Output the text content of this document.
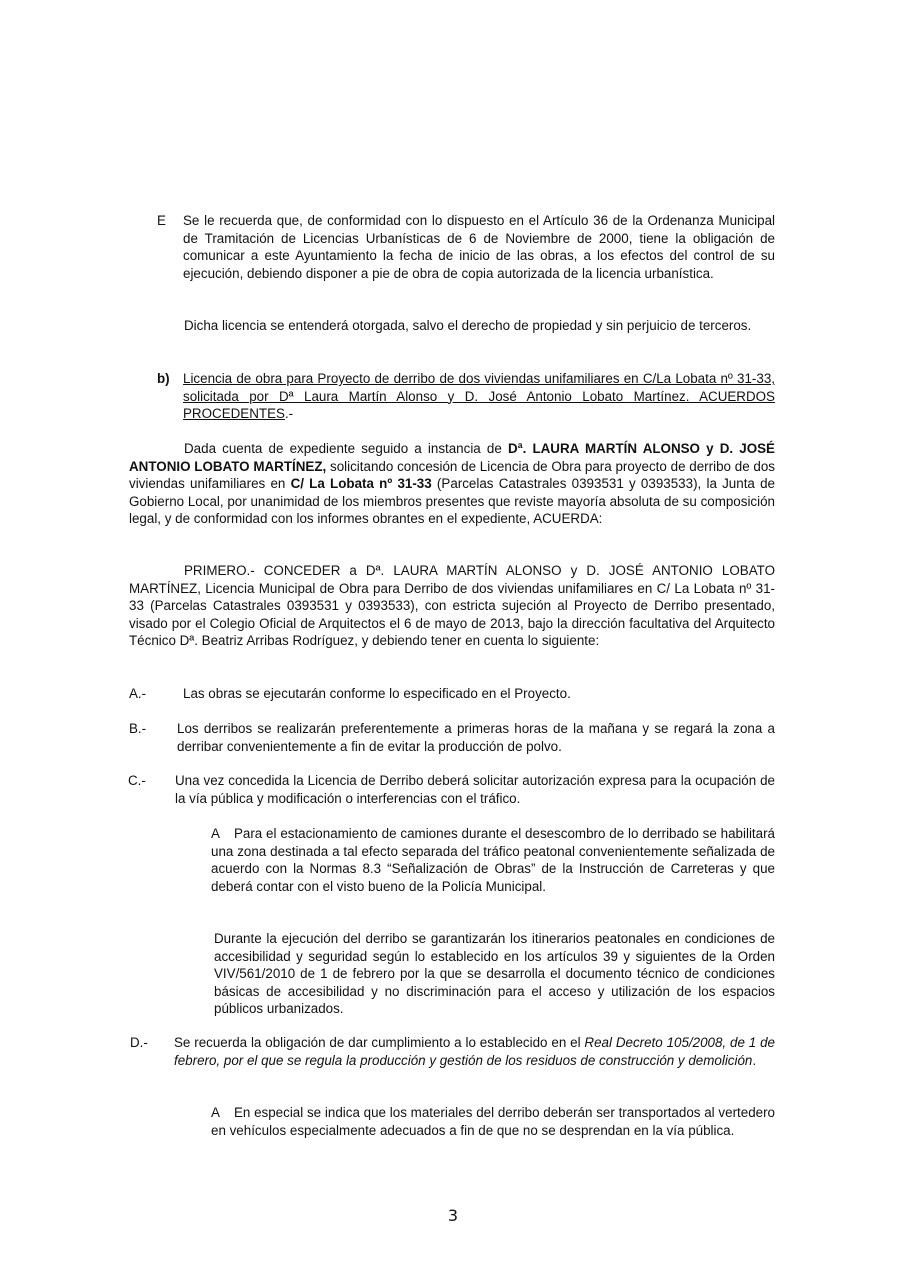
E Se le recuerda que, de conformidad con lo dispuesto en el Artículo 36 de la Ordenanza Municipal de Tramitación de Licencias Urbanísticas de 6 de Noviembre de 2000, tiene la obligación de comunicar a este Ayuntamiento la fecha de inicio de las obras, a los efectos del control de su ejecución, debiendo disponer a pie de obra de copia autorizada de la licencia urbanística.
Dicha licencia se entenderá otorgada, salvo el derecho de propiedad y sin perjuicio de terceros.
b) Licencia de obra para Proyecto de derribo de dos viviendas unifamiliares en C/La Lobata nº 31-33, solicitada por Dª Laura Martín Alonso y D. José Antonio Lobato Martínez. ACUERDOS PROCEDENTES.-
Dada cuenta de expediente seguido a instancia de Dª. LAURA MARTÍN ALONSO y D. JOSÉ ANTONIO LOBATO MARTÍNEZ, solicitando concesión de Licencia de Obra para proyecto de derribo de dos viviendas unifamiliares en C/ La Lobata nº 31-33 (Parcelas Catastrales 0393531 y 0393533), la Junta de Gobierno Local, por unanimidad de los miembros presentes que reviste mayoría absoluta de su composición legal, y de conformidad con los informes obrantes en el expediente, ACUERDA:
PRIMERO.- CONCEDER a Dª. LAURA MARTÍN ALONSO y D. JOSÉ ANTONIO LOBATO MARTÍNEZ, Licencia Municipal de Obra para Derribo de dos viviendas unifamiliares en C/ La Lobata nº 31-33 (Parcelas Catastrales 0393531 y 0393533), con estricta sujeción al Proyecto de Derribo presentado, visado por el Colegio Oficial de Arquitectos el 6 de mayo de 2013, bajo la dirección facultativa del Arquitecto Técnico Dª. Beatriz Arribas Rodríguez, y debiendo tener en cuenta lo siguiente:
A.-	Las obras se ejecutarán conforme lo especificado en el Proyecto.
B.- Los derribos se realizarán preferentemente a primeras horas de la mañana y se regará la zona a derribar convenientemente a fin de evitar la producción de polvo.
C.- Una vez concedida la Licencia de Derribo deberá solicitar autorización expresa para la ocupación de la vía pública y modificación o interferencias con el tráfico.
A Para el estacionamiento de camiones durante el desescombro de lo derribado se habilitará una zona destinada a tal efecto separada del tráfico peatonal convenientemente señalizada de acuerdo con la Normas 8.3 “Señalización de Obras” de la Instrucción de Carreteras y que deberá contar con el visto bueno de la Policía Municipal.
Durante la ejecución del derribo se garantizarán los itinerarios peatonales en condiciones de accesibilidad y seguridad según lo establecido en los artículos 39 y siguientes de la Orden VIV/561/2010 de 1 de febrero por la que se desarrolla el documento técnico de condiciones básicas de accesibilidad y no discriminación para el acceso y utilización de los espacios públicos urbanizados.
D.- Se recuerda la obligación de dar cumplimiento a lo establecido en el Real Decreto 105/2008, de 1 de febrero, por el que se regula la producción y gestión de los residuos de construcción y demolición.
A En especial se indica que los materiales del derribo deberán ser transportados al vertedero en vehículos especialmente adecuados a fin de que no se desprendan en la vía pública.
3
